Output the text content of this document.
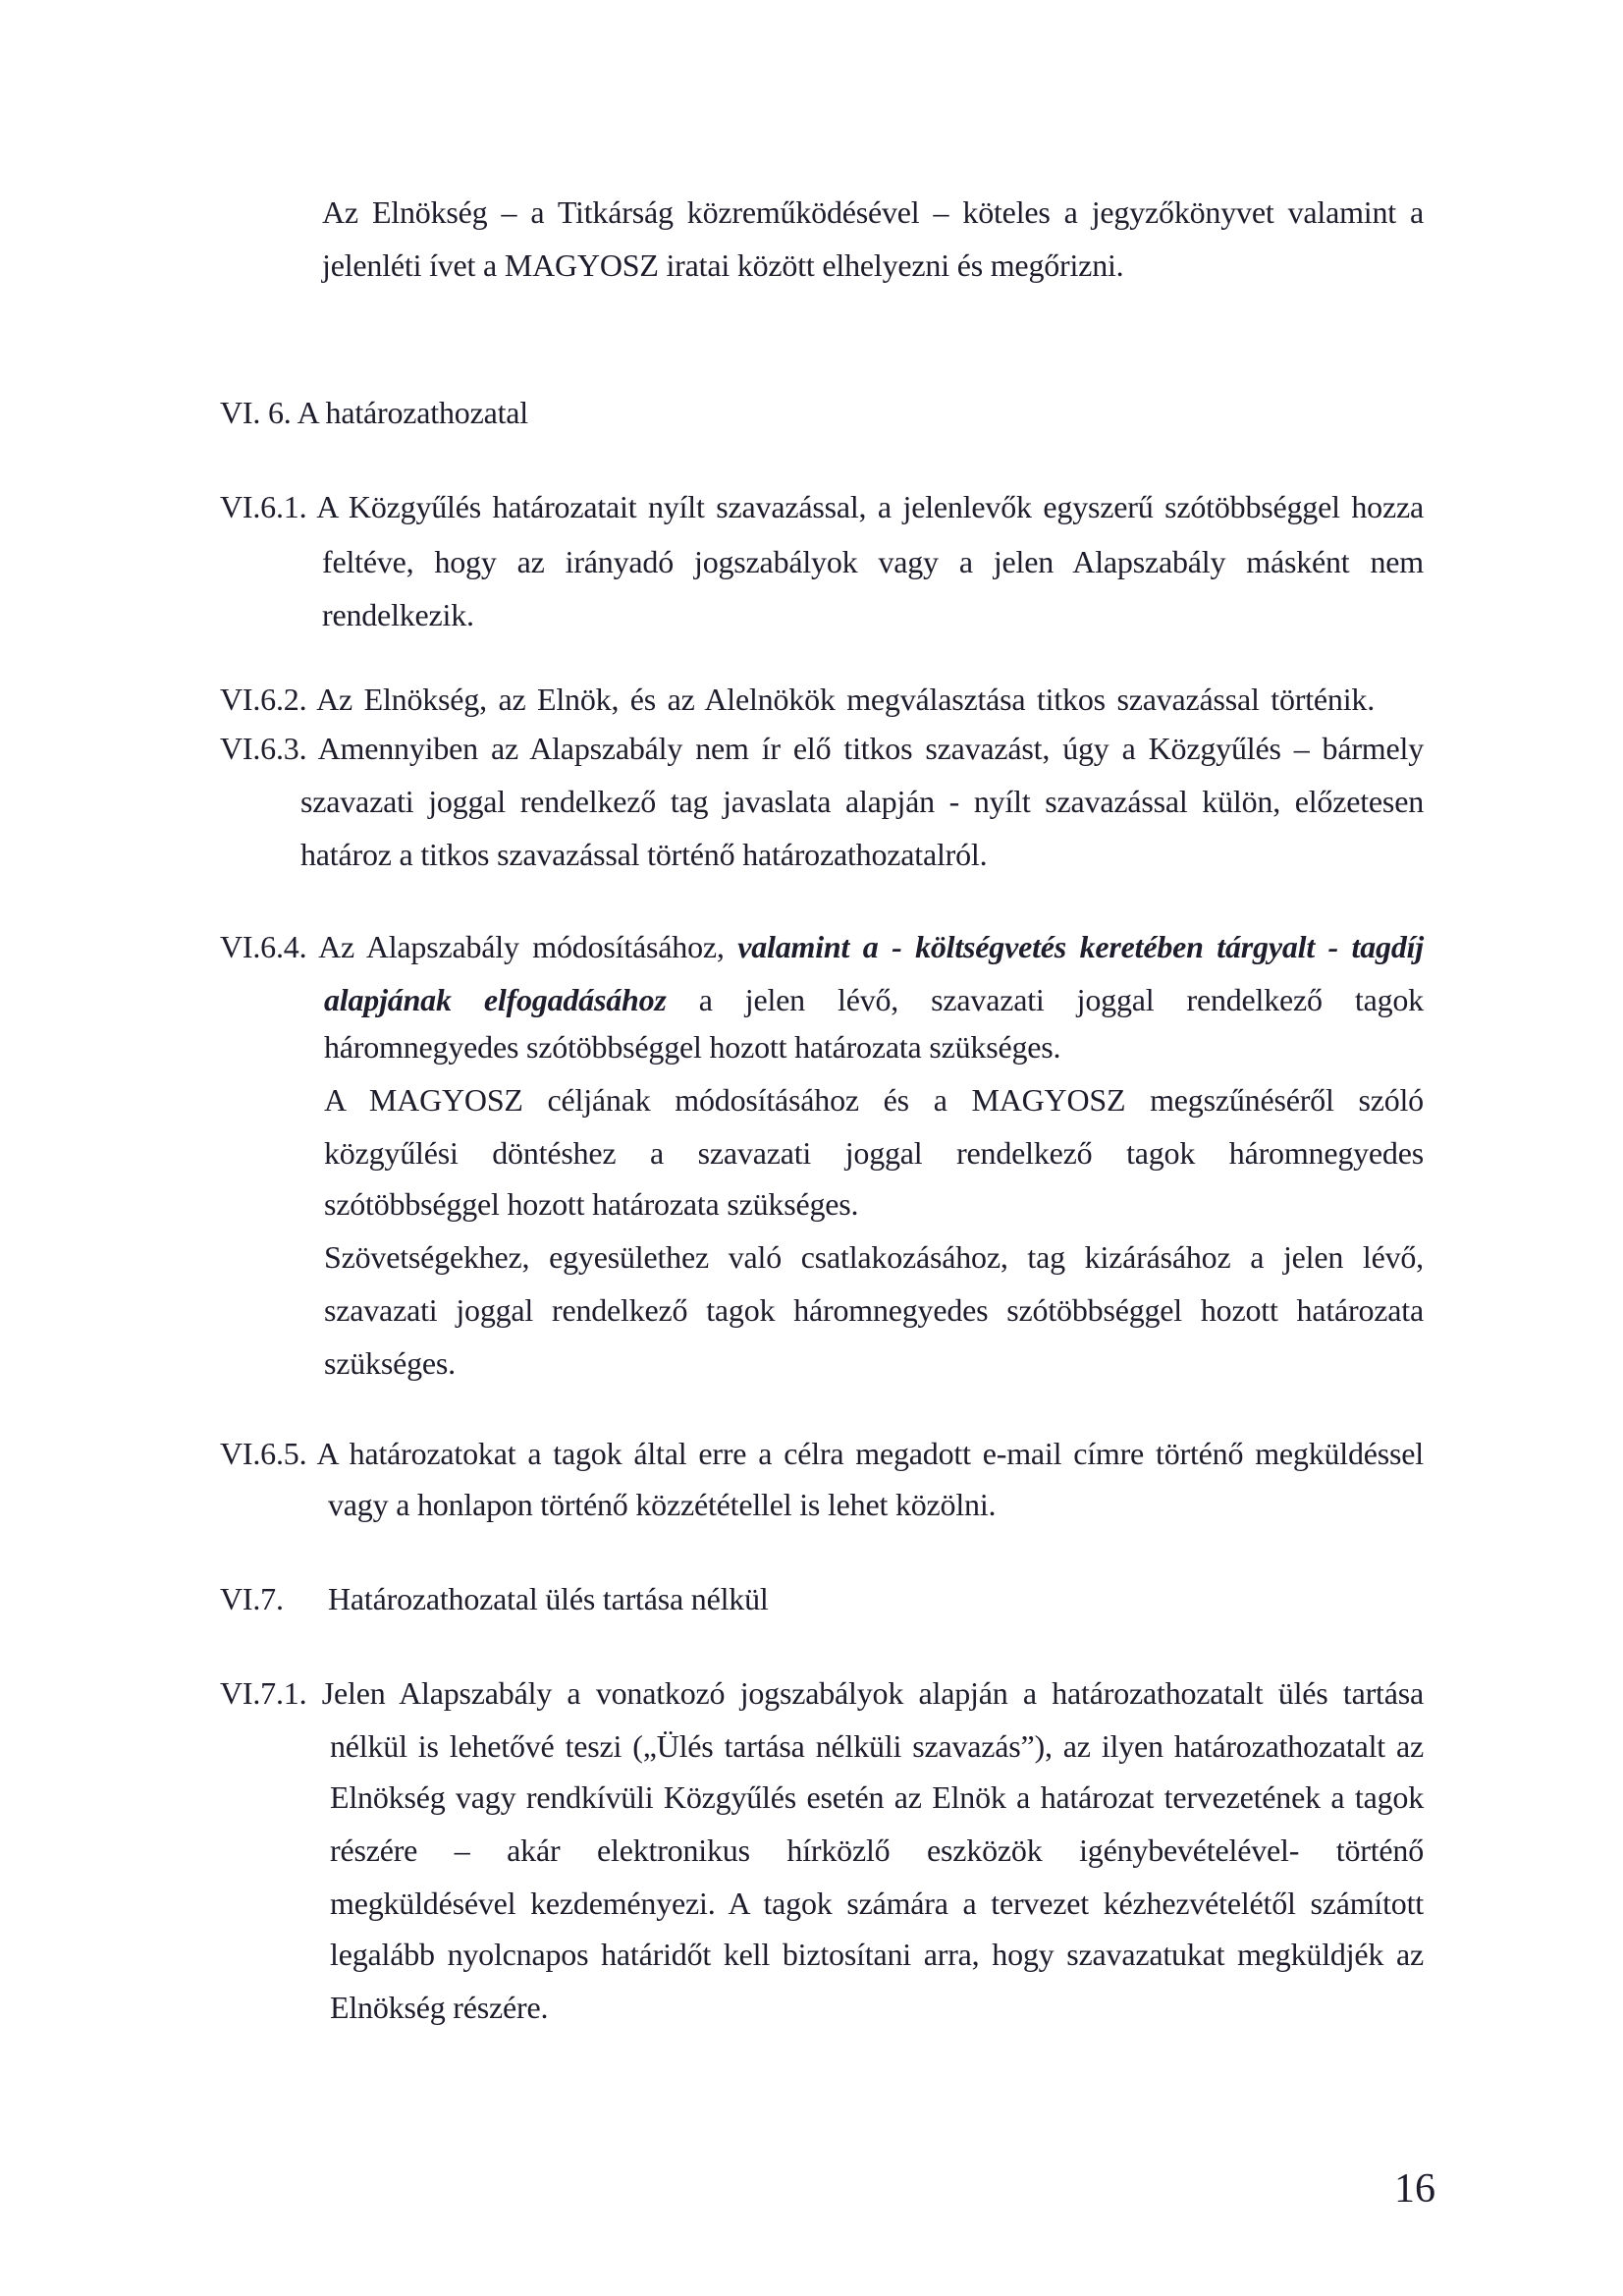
Az Elnökség – a Titkárság közreműködésével – köteles a jegyzőkönyvet valamint a
jelenléti ívet a MAGYOSZ iratai között elhelyezni és megőrizni.
VI. 6. A határozathozatal
VI.6.1. A Közgyűlés határozatait nyílt szavazással, a jelenlevők egyszerű szótöbbséggel hozza
feltéve, hogy az irányadó jogszabályok vagy a jelen Alapszabály másként nem
rendelkezik.
VI.6.2. Az Elnökség, az Elnök, és az Alelnökök megválasztása titkos szavazással történik.
VI.6.3. Amennyiben az Alapszabály nem ír elő titkos szavazást, úgy a Közgyűlés – bármely
szavazati joggal rendelkező tag javaslata alapján - nyílt szavazással külön, előzetesen
határoz a titkos szavazással történő határozathozatalról.
VI.6.4. Az Alapszabály módosításához, valamint a - költségvetés keretében tárgyalt - tagdíj
alapjának elfogadásához a jelen lévő, szavazati joggal rendelkező tagok
háromnegyedes szótöbbséggel hozott határozata szükséges.
A MAGYOSZ céljának módosításához és a MAGYOSZ megszűnéséről szóló
közgyűlési döntéshez a szavazati joggal rendelkező tagok háromnegyedes
szótöbbséggel hozott határozata szükséges.
Szövetségekhez, egyesülethez való csatlakozásához, tag kizárásához a jelen lévő,
szavazati joggal rendelkező tagok háromnegyedes szótöbbséggel hozott határozata
szükséges.
VI.6.5. A határozatokat a tagok által erre a célra megadott e-mail címre történő megküldéssel
vagy a honlapon történő közzététellel is lehet közölni.
VI.7. Határozathozatal ülés tartása nélkül
VI.7.1. Jelen Alapszabály a vonatkozó jogszabályok alapján a határozathozatalt ülés tartása
nélkül is lehetővé teszi („Ülés tartása nélküli szavazás”), az ilyen határozathozatalt az
Elnökség vagy rendkívüli Közgyűlés esetén az Elnök a határozat tervezetének a tagok
részére – akár elektronikus hírközlő eszközök igénybevételével- történő
megküldésével kezdeményezi. A tagok számára a tervezet kézhezvételétől számított
legalább nyolcnapos határidőt kell biztosítani arra, hogy szavazatukat megküldjék az
Elnökség részére.
16
